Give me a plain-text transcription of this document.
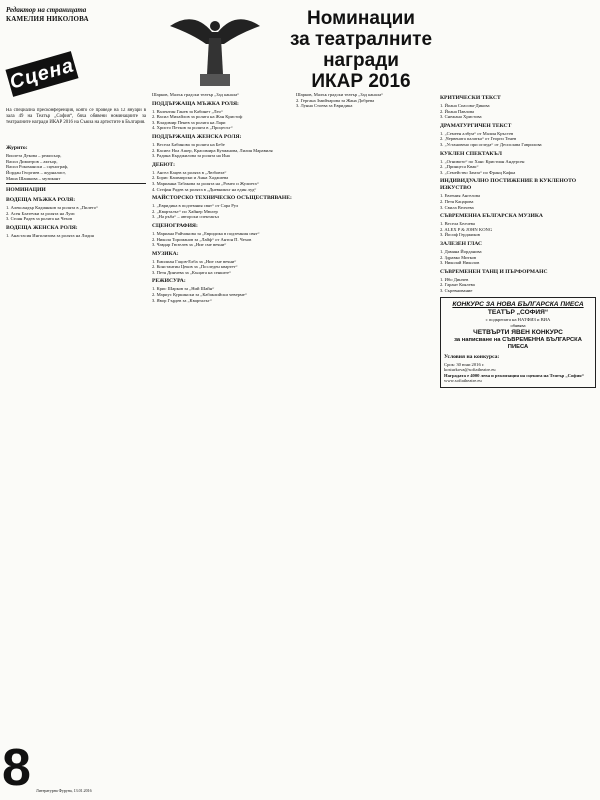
Редактор на страницата
КАМЕЛИЯ НИКОЛОВА
Сцена
Номинации
за театралните награди
ИКАР 2016
На специална пресконференция, която се проведе на 12 януари в зала 49 на Театър „София“, бяха обявени номинациите за театралните награди ИКАР 2016 на Съюза на артистите в България.
Журито:
Виолета Декова – режисьор,
Васил Димитров – актьор,
Васил Рокомански – сценограф,
Йордан Георгиев – журналист,
Маша Шашкова – музикант
НОМИНАЦИИ
ВОДЕЩА МЪЖКА РОЛЯ:
1. Александър Кадиянков за ролята в „Пилето“
2. Асен Блатечки за ролята на Луис
3. Стоян Радев за ролята на Чехов
ВОДЕЩА ЖЕНСКА РОЛЯ:
1. Анастасия Ингилизова за ролята на Лидия
Шарков, Малък градски театър „Зад канала“
ПОДДЪРЖАЩА МЪЖКА РОЛЯ:
1. Валентин Ганев за Кабинет „Лео“
2. Васил Михайлов за ролята на Жан Кристоф
3. Владимир Пенев за ролята на Лари
4. Христо Петков за ролята в „Процесът“
ПОДДЪРЖАЩА ЖЕНСКА РОЛЯ:
1. Весела Бабинова за ролята на Бебе
2. Касиел Ноа Ашер, Красимира Кузманова, Лилия Маравиля
3. Радина Кърджилова за ролята на Ина
ДЕБЮТ:
1. Ангел Кацев за ролята в „Любовта“
2. Борис Кашмирски и Анна Хаджиева
3. Марианна Табакова за ролята на „Ромео и Жулиета“
4. Стефан Радев за ролята в „Дневникът на един луд“
МАЙСТОРСКО ТЕХНИЧЕСКО ОСЪЩЕСТВЯВАНЕ:
1. „Евридика в подземния свят“ от Сара Рул
2. „Кварталът“ по Хайнер Мюлер
3. „На ръба“ – авторски спектакъл
СЦЕНОГРАФИЯ:
1. Мариана Райчинова за „Евридика в подземния свят“
2. Никола Тороманов за „Лайф“ от Антон П. Чехов
3. Чавдар Гюзелев за „Ние сме вечни“
МУЗИКА:
1. Емилиан Гацов-Елба за „Ние сме вечни“
2. Константин Цеков за „Последен квартет“
3. Петя Динчева за „Къщата на сенките“
РЕЖИСУРА:
1. Крис Шарков за „Ний Шайн“
2. Мариус Куркински за „Кабаклийски чеверме“
3. Явор Гърдев за „Кварталът“
Шарков, Малък градски театър „Зад канала“
2. Гергана Змийчарова за Жана Добрева
3. Лунна Стоева за Евридика
КРИТИЧЕСКИ ТЕКСТ
1. Йоана Спасова-Дикова
2. Йоана Павлова
3. Снежана Христова
ДРАМАТУРГИЧЕН ТЕКСТ
1. „Семеен албум“ от Малин Кръстев
2. „Червената палатка“ от Георги Тенев
3. „Установено при огледа“ от Десислава Гаврилова
КУКЛЕН СПЕКТАКЪЛ
1. „Огнивото“ по Ханс Кристиан Андерсен
2. „Принцеса Квак“
3. „Семейство Замза“ по Франц Кафка
ИНДИВИДУАЛНО ПОСТИЖЕНИЕ В КУКЛЕНОТО ИЗКУСТВО
1. Евгения Ангелова
2. Петя Кацарова
3. Свила Велчева
СЪВРЕМЕННА БЪЛГАРСКА МУЗИКА
1. Весела Белчева
2. ALEX P & JOHN KONG
3. Йосиф Герджиков
ЗАЛЕЗЕН ГЛАС
1. Дамяна Йорданова
2. Здравко Митков
3. Николай Николов
СЪВРЕМЕНЕН ТАНЦ И ПЪРФОРМАНС
1. Ибо Динчев
2. Гарант Коялева
3. Съревнование
КОНКУРС ЗА НОВА БЪЛГАРСКА ПИЕСА
ТЕАТЪР „СОФИЯ“
с подкрепата на НАТФИЗ и ВИА
обявява
ЧЕТВЪРТИ ЯВЕН КОНКУРС
за написване на СЪВРЕМЕННА БЪЛГАРСКА ПИЕСА
Условия на конкурса:
Срок: 30 юни 2016 г.
kosturkova@sofiatheatre.eu
Наградата е 4000 лева и реализация на сцената на Театър „София“
www.sofiatheatre.eu
8 Литературна Фуруна, 13.01.2016
